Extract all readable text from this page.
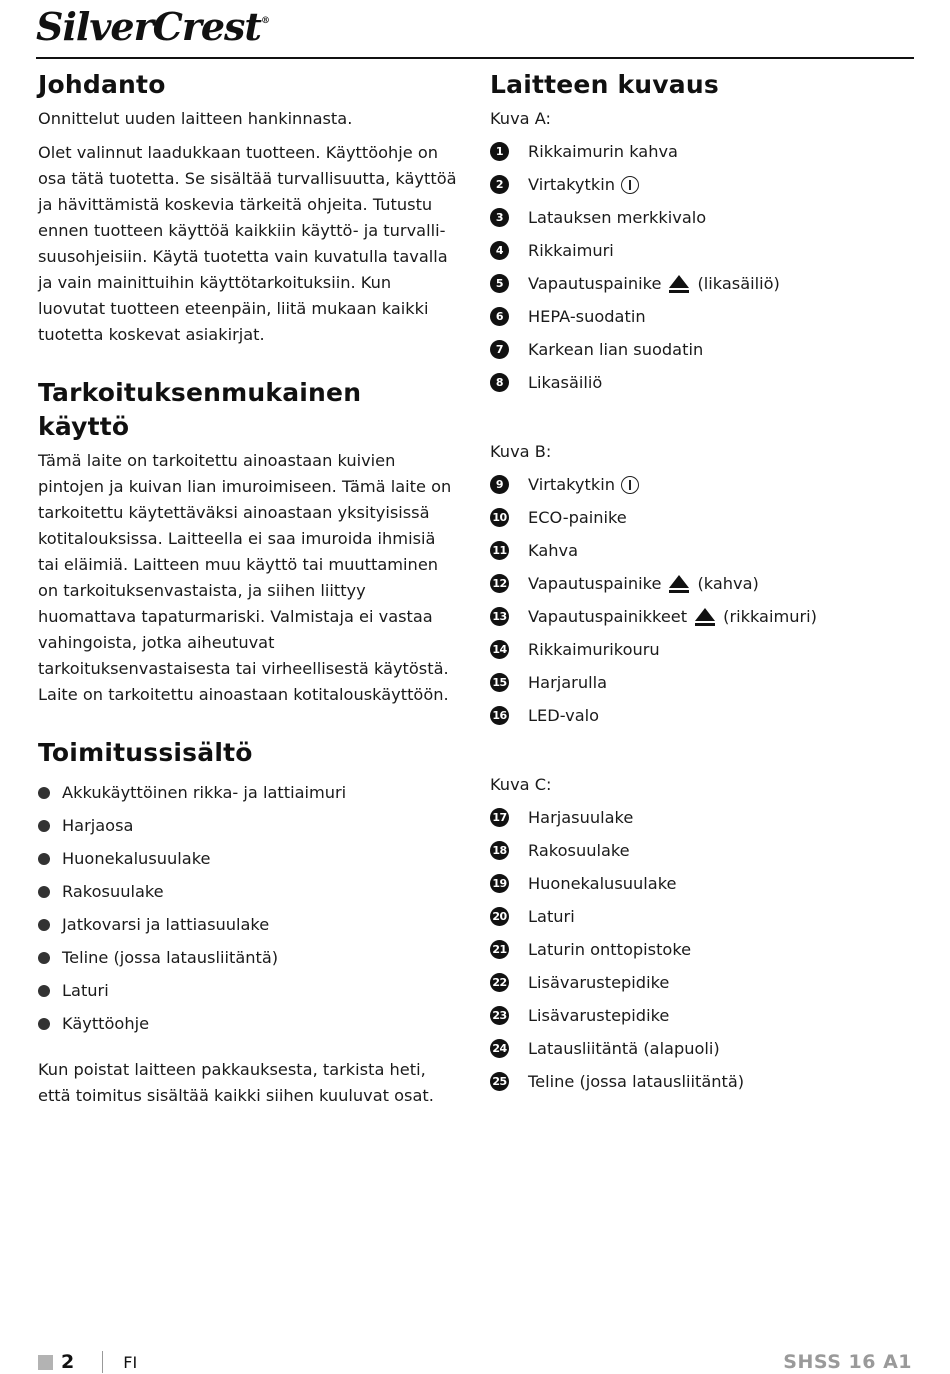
SilverCrest®
Johdanto

Onnittelut uuden laitteen hankinnasta.

Olet valinnut laadukkaan tuotteen. Käyttöohje on osa tätä tuotetta. Se sisältää turvallisuutta, käyttöä ja hävittämistä koskevia tärkeitä ohjeita. Tutustu ennen tuotteen käyttöä kaikkiin käyttö- ja turvallisuusohjeisiin. Käytä tuotetta vain kuvatulla tavalla ja vain mainittuihin käyttötarkoituksiin. Kun luovutat tuotteen eteenpäin, liitä mukaan kaikki tuotetta koskevat asiakirjat.

Tarkoituksenmukainen käyttö

Tämä laite on tarkoitettu ainoastaan kuivien pintojen ja kuivan lian imuroimiseen. Tämä laite on tarkoitettu käytettäväksi ainoastaan yksityisissä kotitalouksissa. Laitteella ei saa imuroida ihmisiä tai eläimiä. Laitteen muu käyttö tai muuttaminen on tarkoituksenvastaista, ja siihen liittyy huomattava tapaturmariski. Valmistaja ei vastaa vahingoista, jotka aiheutuvat tarkoituksenvastaisesta tai virheellisestä käytöstä. Laite on tarkoitettu ainoastaan kotitalouskäyttöön.

Toimitussisältö
Akkukäyttöinen rikka- ja lattiaimuri
Harjaosa
Huonekalusuulake
Rakosuulake
Jatkovarsi ja lattiasuulake
Teline (jossa latausliitäntä)
Laturi
Käyttöohje

Kun poistat laitteen pakkauksesta, tarkista heti, että toimitus sisältää kaikki siihen kuuluvat osat.

Laitteen kuvaus
Kuva A:
1	Rikkaimurin kahva
2	Virtakytkin
3	Latauksen merkkivalo
4	Rikkaimuri
5	Vapautuspainike (likasäiliö)
6	HEPA-suodatin
7	Karkean lian suodatin
8	Likasäiliö
Kuva B:
9	Virtakytkin
10 ECO-painike
11 Kahva
12 Vapautuspainike (kahva)
13 Vapautuspainikkeet (rikkaimuri)
14 Rikkaimurikouru
15 Harjarulla
16 LED-valo
Kuva C:
17 Harjasuulake
18 Rakosuulake
19 Huonekalusuulake
20 Laturi
21 Laturin onttopistoke
22 Lisävarustepidike
23 Lisävarustepidike
24 Latausliitäntä (alapuoli)
25 Teline (jossa latausliitäntä)
2	FI	SHSS 16 A1
